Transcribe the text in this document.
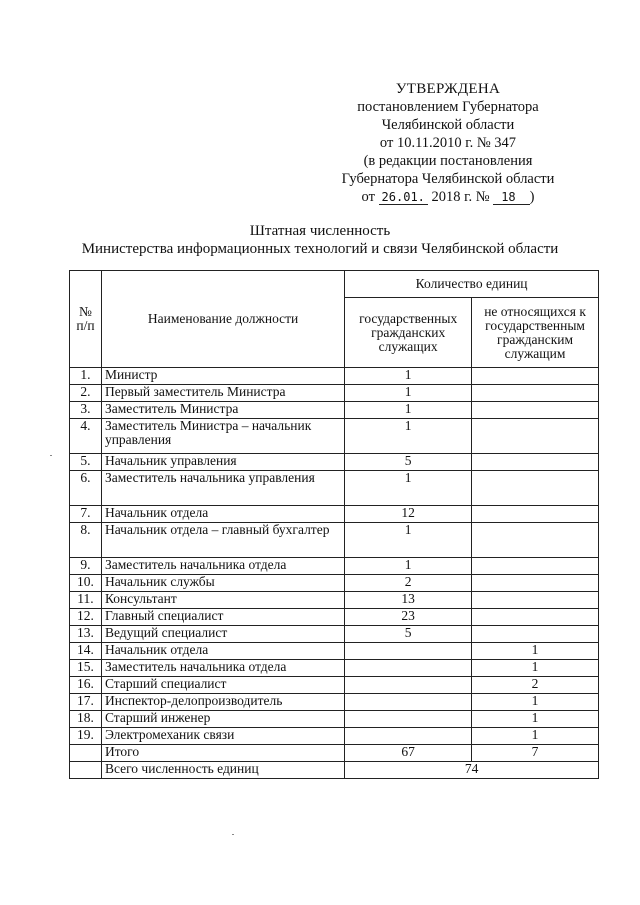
УТВЕРЖДЕНА
постановлением Губернатора
Челябинской области
от 10.11.2010 г. № 347
(в редакции постановления
Губернатора Челябинской области
от 26.01. 2018 г. № 18 )
Штатная численность
Министерства информационных технологий и связи Челябинской области
№ п/п	Наименование должности	Количество единиц	
		государственных гражданских служащих	не относящихся к государственным гражданским служащим
1.	Министр	1	
2.	Первый заместитель Министра	1	
3.	Заместитель Министра	1	
4.	Заместитель Министра – начальник управления	1	
5.	Начальник управления	5	
6.	Заместитель начальника управления	1	
7.	Начальник отдела	12	
8.	Начальник отдела – главный бухгалтер	1	
9.	Заместитель начальника отдела	1	
10.	Начальник службы	2	
11.	Консультант	13	
12.	Главный специалист	23	
13.	Ведущий специалист	5	
14.	Начальник отдела		1
15.	Заместитель начальника отдела		1
16.	Старший специалист		2
17.	Инспектор-делопроизводитель		1
18.	Старший инженер		1
19.	Электромеханик связи		1
	Итого	67	7
	Всего численность единиц	74	
